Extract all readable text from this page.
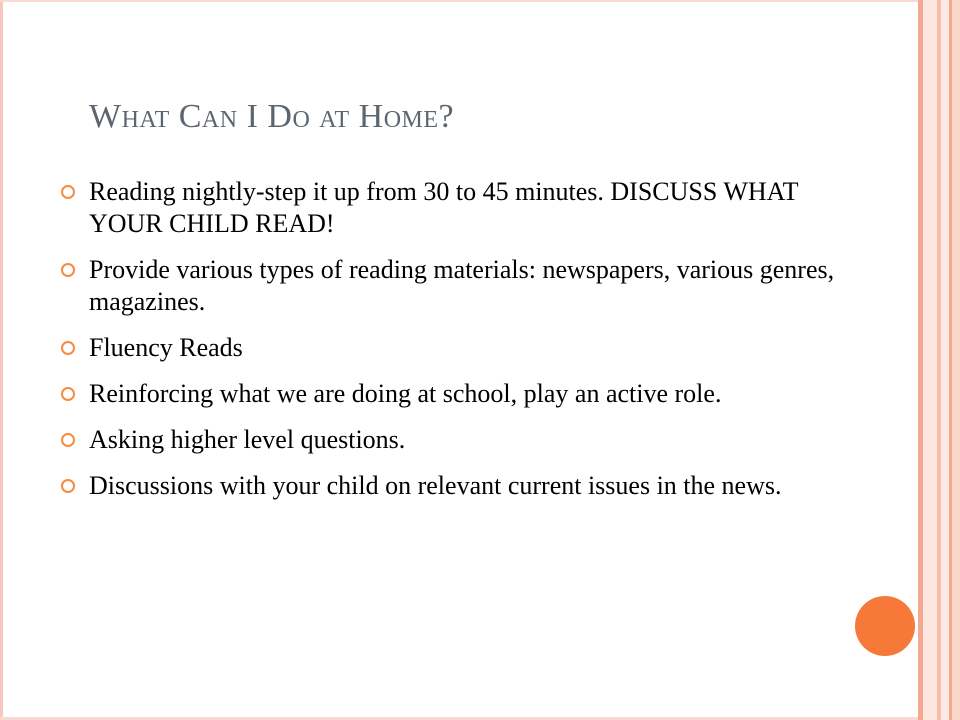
What Can I Do at Home?
Reading nightly-step it up from 30 to 45 minutes. DISCUSS WHAT YOUR CHILD READ!
Provide various types of reading materials: newspapers, various genres, magazines.
Fluency Reads
Reinforcing what we are doing at school, play an active role.
Asking higher level questions.
Discussions with your child on relevant current issues in the news.
